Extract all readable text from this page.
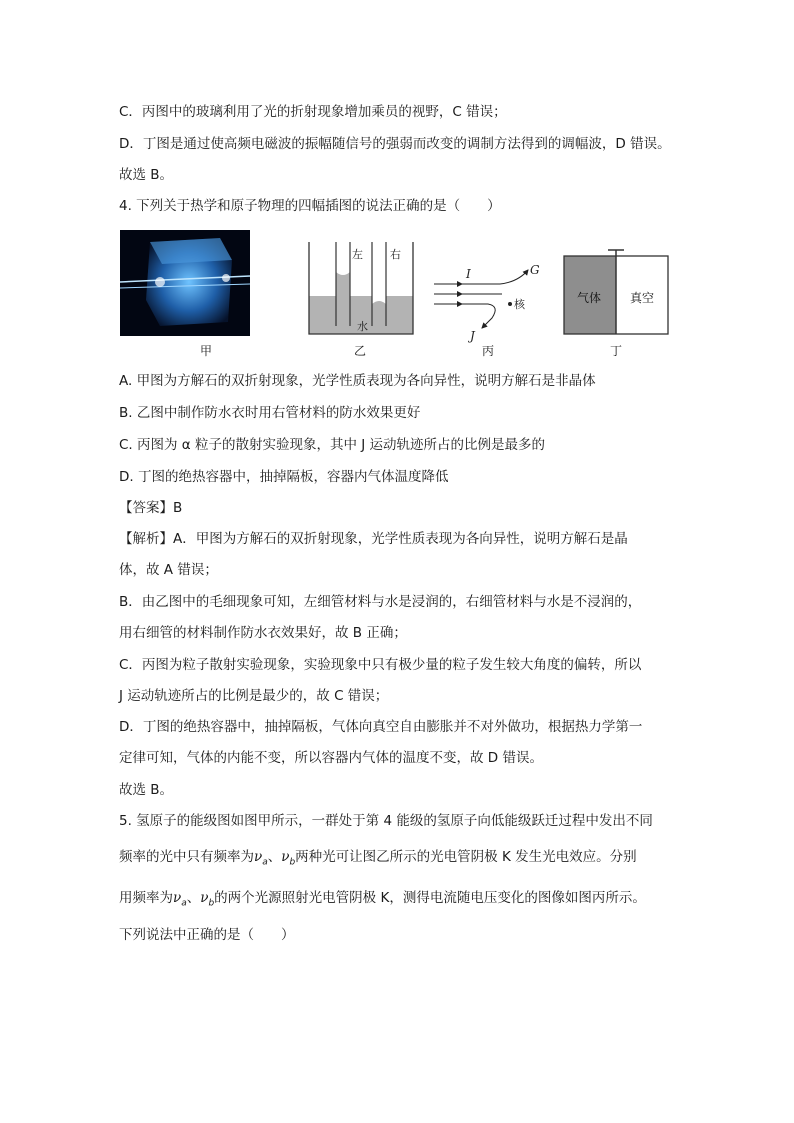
C．丙图中的玻璃利用了光的折射现象增加乘员的视野，C 错误；
D．丁图是通过使高频电磁波的振幅随信号的强弱而改变的调制方法得到的调幅波，D 错误。
故选 B。
4. 下列关于热学和原子物理的四幅插图的说法正确的是（　　）
甲
左 右
水
乙
I	G
核
J
丙
气体 真空
丁
A. 甲图为方解石的双折射现象，光学性质表现为各向异性，说明方解石是非晶体
B. 乙图中制作防水衣时用右管材料的防水效果更好
C. 丙图为 α 粒子的散射实验现象，其中 J 运动轨迹所占的比例是最多的
D. 丁图的绝热容器中，抽掉隔板，容器内气体温度降低
【答案】B
【解析】A．甲图为方解石的双折射现象，光学性质表现为各向异性，说明方解石是晶
体，故 A 错误；
B．由乙图中的毛细现象可知，左细管材料与水是浸润的，右细管材料与水是不浸润的，
用右细管的材料制作防水衣效果好，故 B 正确；
C．丙图为粒子散射实验现象，实验现象中只有极少量的粒子发生较大角度的偏转，所以
J 运动轨迹所占的比例是最少的，故 C 错误；
D．丁图的绝热容器中，抽掉隔板，气体向真空自由膨胀并不对外做功，根据热力学第一
定律可知，气体的内能不变，所以容器内气体的温度不变，故 D 错误。
故选 B。
5. 氢原子的能级图如图甲所示，一群处于第 4 能级的氢原子向低能级跃迁过程中发出不同
频率的光中只有频率为$\nu_a$、$\nu_b$两种光可让图乙所示的光电管阴极 K 发生光电效应。分别
用频率为$\nu_a$、$\nu_b$的两个光源照射光电管阴极 K，测得电流随电压变化的图像如图丙所示。
下列说法中正确的是（　　）
